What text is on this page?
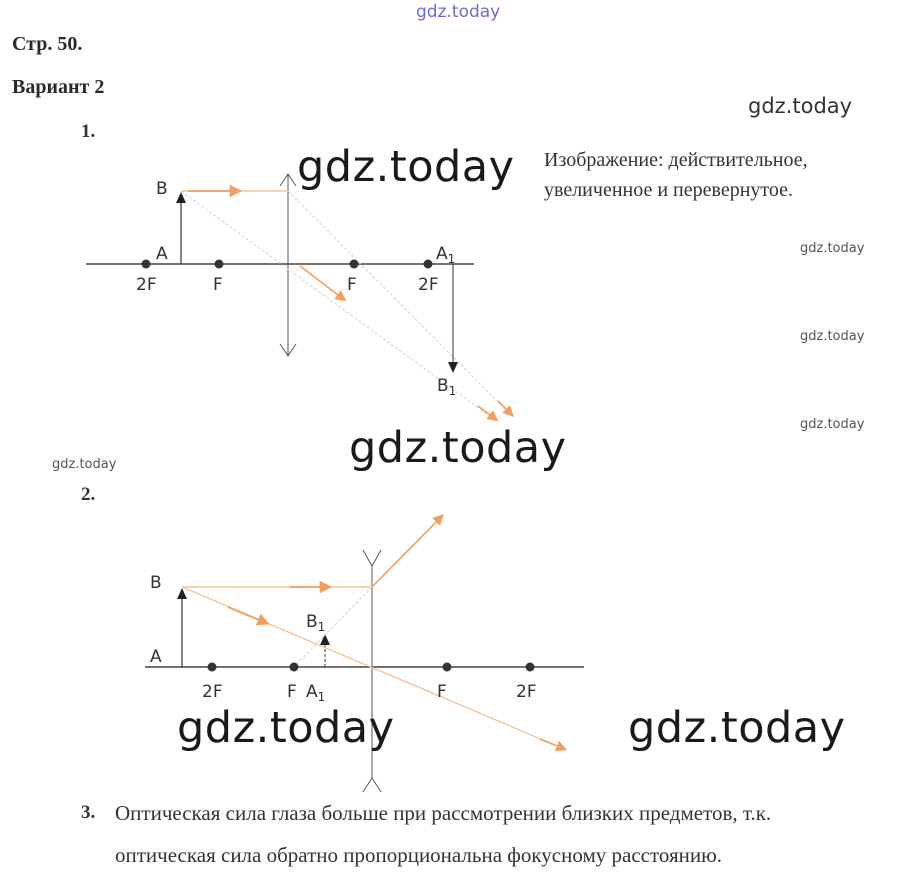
gdz.today
Стр. 50.
Вариант 2
1.
gdz.today
Изображение: действительное,
увеличенное и перевернутое.
gdz.today
gdz.today
gdz.today
gdz.today
B
A
2F	F	F	2F
$A_1$
$B_1$
gdz.today
gdz.today
2.
B
A
$B_1$
2F	F $A_1$	F	2F
gdz.today	gdz.today
3. Оптическая сила глаза больше при рассмотрении близких предметов, т.к.
оптическая сила обратно пропорциональна фокусному расстоянию.
